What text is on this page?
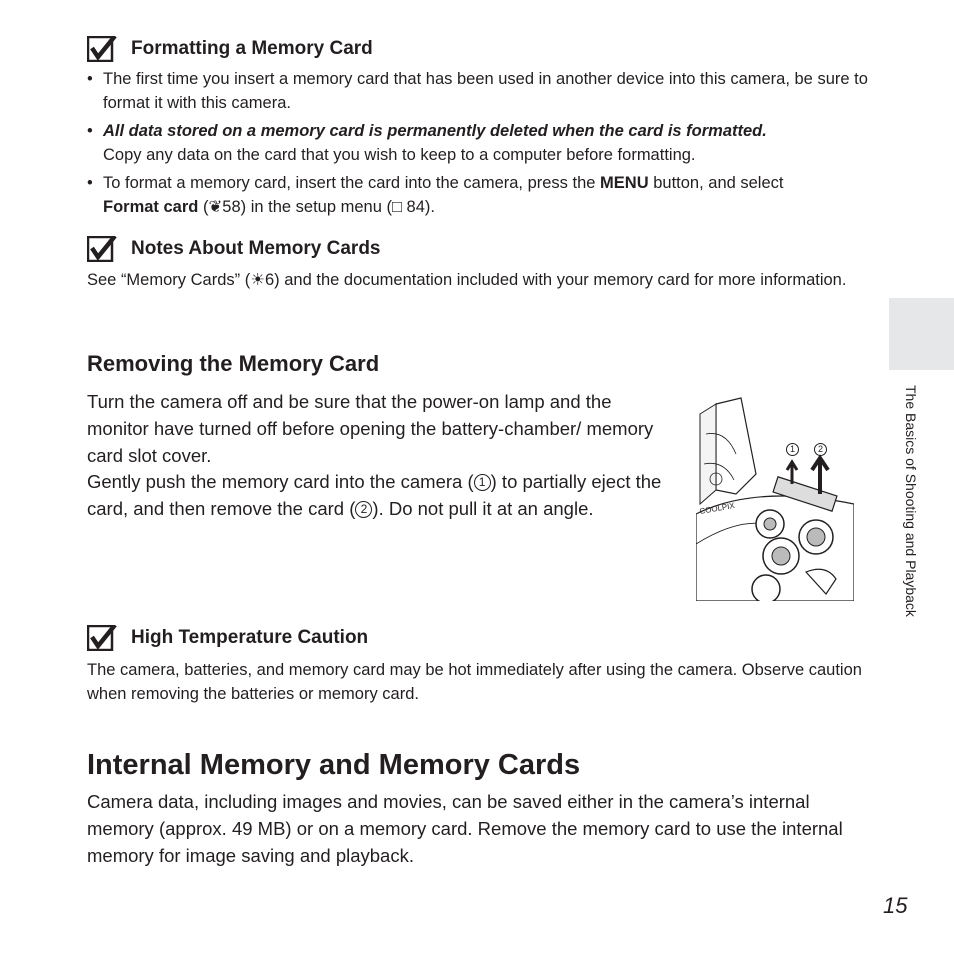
Formatting a Memory Card
• The first time you insert a memory card that has been used in another device into this camera, be sure to format it with this camera.
• All data stored on a memory card is permanently deleted when the card is formatted.
Copy any data on the card that you wish to keep to a computer before formatting.
• To format a memory card, insert the card into the camera, press the MENU button, and select
Format card (❦58) in the setup menu (□ 84).
Notes About Memory Cards

See “Memory Cards” (☀6) and the documentation included with your memory card for more information.

Removing the Memory Card

Turn the camera off and be sure that the power-on lamp and the monitor have turned off before opening the battery-chamber/ memory card slot cover.

Gently push the memory card into the camera ( 1 ) to partially eject the card, and then remove the card ( 2 ). Do not pull it at an angle.	COOLPIX
1	2
High Temperature Caution

The camera, batteries, and memory card may be hot immediately after using the camera. Observe caution when removing the batteries or memory card.

Internal Memory and Memory Cards

Camera data, including images and movies, can be saved either in the camera’s internal memory (approx. 49 MB) or on a memory card. Remove the memory card to use the internal memory for image saving and playback.

The Basics of Shooting and Playback
15
